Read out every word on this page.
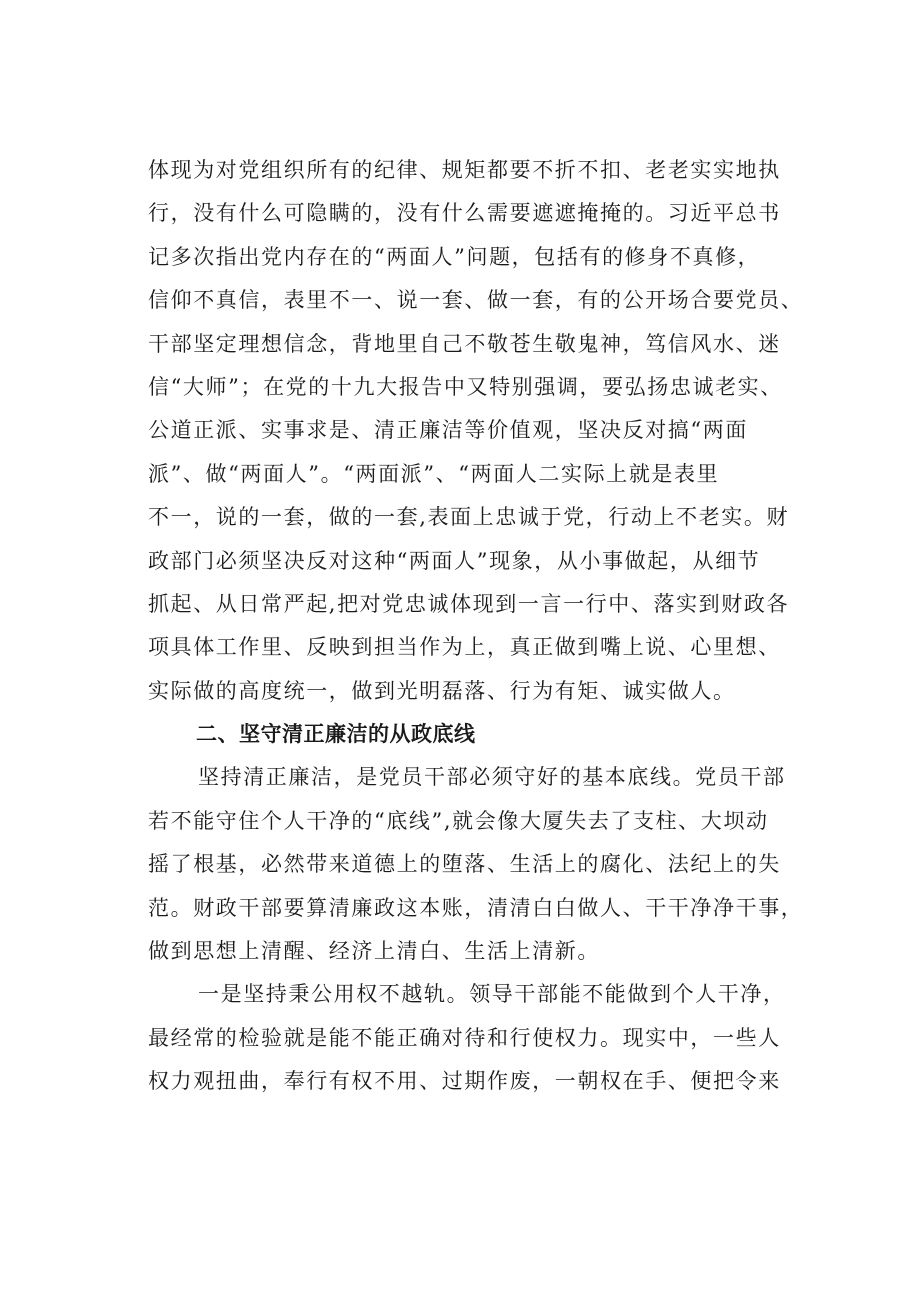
体现为对党组织所有的纪律、规矩都要不折不扣、老老实实地执
行，没有什么可隐瞒的，没有什么需要遮遮掩掩的。习近平总书
记多次指出党内存在的“两面人”问题，包括有的修身不真修，
信仰不真信，表里不一、说一套、做一套，有的公开场合要党员、
干部坚定理想信念，背地里自己不敬苍生敬鬼神，笃信风水、迷
信“大师”；在党的十九大报告中又特别强调，要弘扬忠诚老实、
公道正派、实事求是、清正廉洁等价值观，坚决反对搞“两面
派”、做“两面人”。“两面派”、“两面人二实际上就是表里
不一，说的一套，做的一套,表面上忠诚于党，行动上不老实。财
政部门必须坚决反对这种“两面人”现象，从小事做起，从细节
抓起、从日常严起,把对党忠诚体现到一言一行中、落实到财政各
项具体工作里、反映到担当作为上，真正做到嘴上说、心里想、
实际做的高度统一，做到光明磊落、行为有矩、诚实做人。
二、坚守清正廉洁的从政底线
坚持清正廉洁，是党员干部必须守好的基本底线。党员干部
若不能守住个人干净的“底线”,就会像大厦失去了支柱、大坝动
摇了根基，必然带来道德上的堕落、生活上的腐化、法纪上的失
范。财政干部要算清廉政这本账，清清白白做人、干干净净干事，
做到思想上清醒、经济上清白、生活上清新。
一是坚持秉公用权不越轨。领导干部能不能做到个人干净，
最经常的检验就是能不能正确对待和行使权力。现实中，一些人
权力观扭曲，奉行有权不用、过期作废，一朝权在手、便把令来
